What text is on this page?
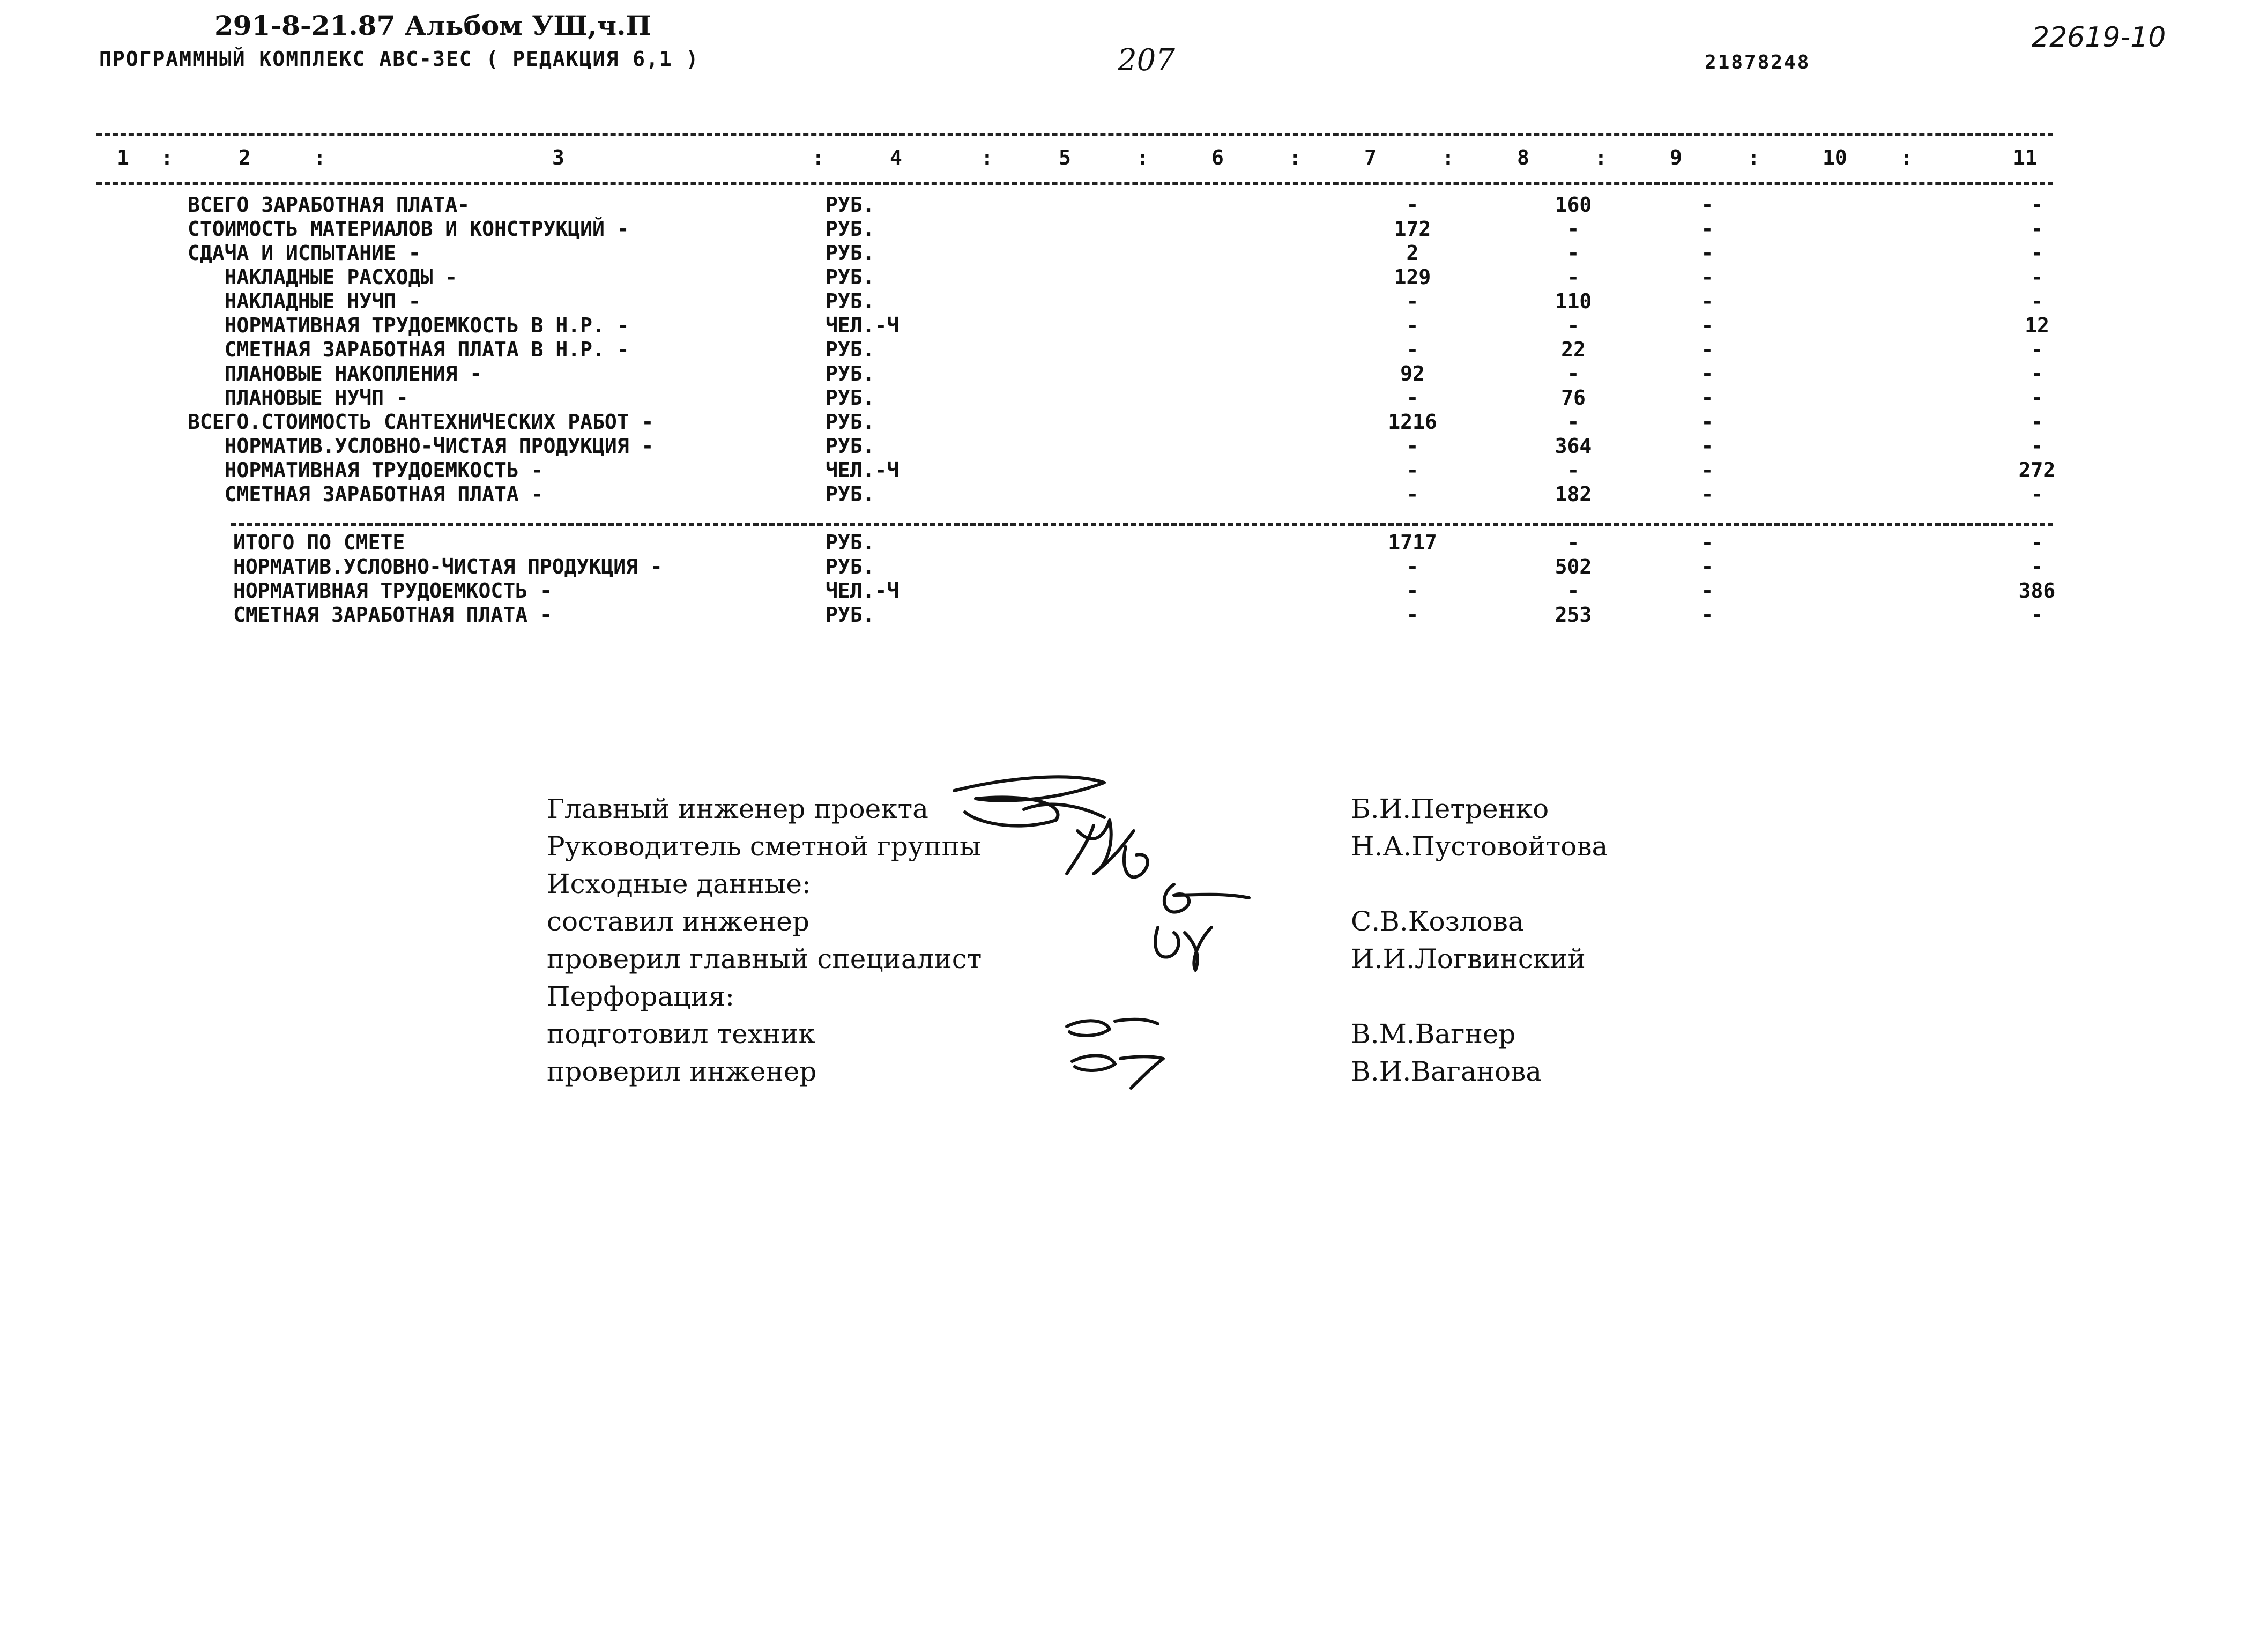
291-8-21.87 Альбом УШ,ч.П
ПРОГРАММНЫЙ КОМПЛЕКС АВС-3ЕС ( РЕДАКЦИЯ 6,1 )	207	21878248
22619-10
1 :	2	:	3	:	4	:	5	:	6	:	7	:	8	:	9	:	10	:	11
ВСЕГО ЗАРАБОТНАЯ ПЛАТА-	РУБ.	-	160	-	-
СТОИМОСТЬ МАТЕРИАЛОВ И КОНСТРУКЦИЙ -	РУБ.	172	-	-	-
СДАЧА И ИСПЫТАНИЕ -	РУБ.	2	-	-	-
НАКЛАДНЫЕ РАСХОДЫ -	РУБ.	129	-	-	-
НАКЛАДНЫЕ НУЧП -	РУБ.	-	110	-	-
НОРМАТИВНАЯ ТРУДОЕМКОСТЬ В Н.Р. -	ЧЕЛ.-Ч	-	-	-	12
СМЕТНАЯ ЗАРАБОТНАЯ ПЛАТА В Н.Р. -	РУБ.	-	22	-	-
ПЛАНОВЫЕ НАКОПЛЕНИЯ -	РУБ.	92	-	-	-
ПЛАНОВЫЕ НУЧП -	РУБ.	-	76	-	-
ВСЕГО.СТОИМОСТЬ САНТЕХНИЧЕСКИХ РАБОТ -	РУБ.	1216	-	-	-
НОРМАТИВ.УСЛОВНО-ЧИСТАЯ ПРОДУКЦИЯ -	РУБ.	-	364	-	-
НОРМАТИВНАЯ ТРУДОЕМКОСТЬ -	ЧЕЛ.-Ч	-	-	-	272
СМЕТНАЯ ЗАРАБОТНАЯ ПЛАТА -	РУБ.	-	182	-	-
ИТОГО ПО СМЕТЕ	РУБ.	1717	-	-	-
НОРМАТИВ.УСЛОВНО-ЧИСТАЯ ПРОДУКЦИЯ -	РУБ.	-	502	-	-
НОРМАТИВНАЯ ТРУДОЕМКОСТЬ -	ЧЕЛ.-Ч	-	-	-	386
СМЕТНАЯ ЗАРАБОТНАЯ ПЛАТА -	РУБ.	-	253	-	-
Главный инженер проекта	Б.И.Петренко
Руководитель сметной группы	Н.А.Пустовойтова
Исходные данные:
составил инженер	С.В.Козлова
проверил главный специалист	И.И.Логвинский
Перфорация:
подготовил техник	В.М.Вагнер
проверил инженер	В.И.Ваганова
